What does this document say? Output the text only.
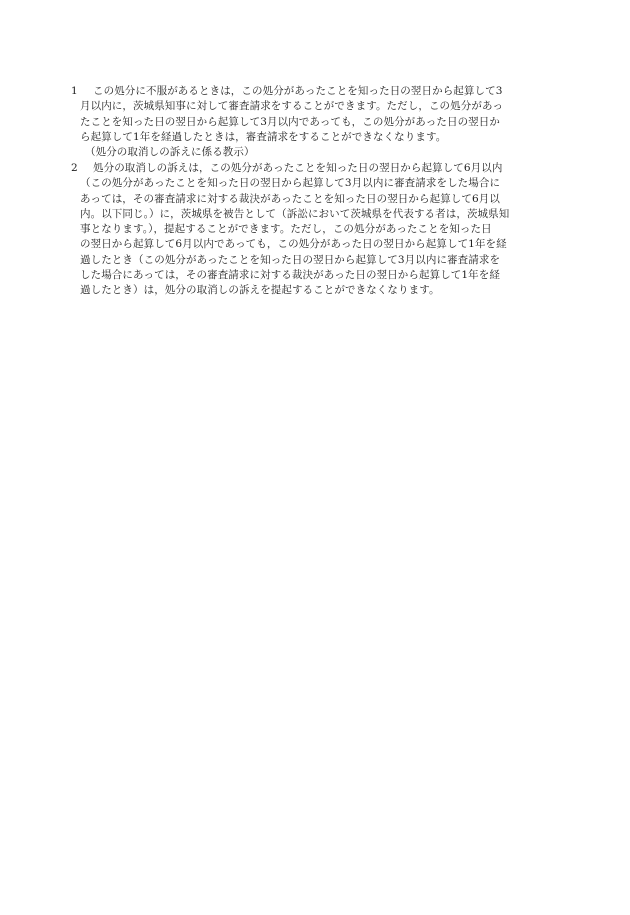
1 この処分に不服があるときは，この処分があったことを知った日の翌日から起算して3
月以内に，茨城県知事に対して審査請求をすることができます。ただし，この処分があっ
たことを知った日の翌日から起算して3月以内であっても，この処分があった日の翌日か
ら起算して1年を経過したときは，審査請求をすることができなくなります。
（処分の取消しの訴えに係る教示）
2 処分の取消しの訴えは，この処分があったことを知った日の翌日から起算して6月以内
（この処分があったことを知った日の翌日から起算して3月以内に審査請求をした場合に
あっては，その審査請求に対する裁決があったことを知った日の翌日から起算して6月以
内。以下同じ。）に，茨城県を被告として（訴訟において茨城県を代表する者は，茨城県知
事となります。），提起することができます。ただし，この処分があったことを知った日
の翌日から起算して6月以内であっても，この処分があった日の翌日から起算して1年を経
過したとき（この処分があったことを知った日の翌日から起算して3月以内に審査請求を
した場合にあっては，その審査請求に対する裁決があった日の翌日から起算して1年を経
過したとき）は，処分の取消しの訴えを提起することができなくなります。
